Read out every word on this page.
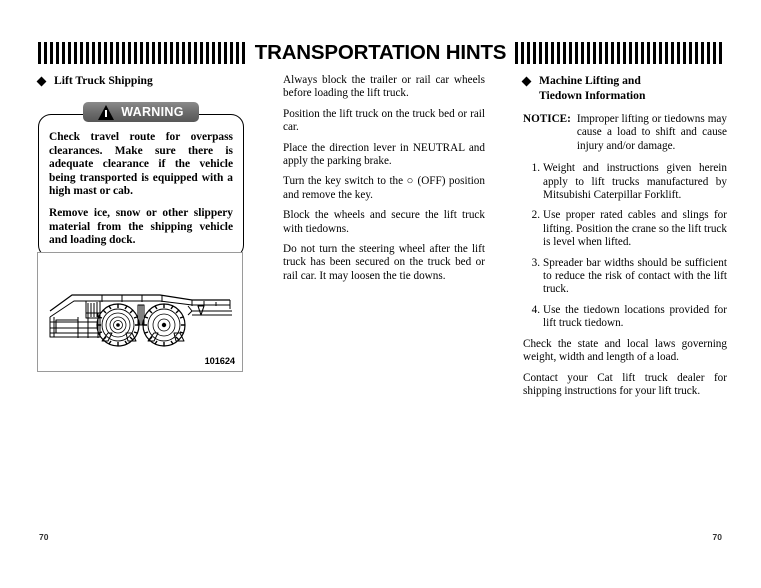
TRANSPORTATION HINTS
Lift Truck Shipping
WARNING

Check travel route for overpass clearances. Make sure there is adequate clearance if the vehicle being transported is equipped with a high mast or cab.

Remove ice, snow or other slippery material from the shipping vehicle and loading dock.

101624

Always block the trailer or rail car wheels before loading the lift truck.

Position the lift truck on the truck bed or rail car.

Place the direction lever in NEUTRAL and apply the parking brake.

Turn the key switch to the ○ (OFF) position and remove the key.

Block the wheels and secure the lift truck with tiedowns.

Do not turn the steering wheel after the lift truck has been secured on the truck bed or rail car. It may loosen the tie downs.

Machine Lifting and
Tiedown Information
NOTICE: Improper lifting or tiedowns may cause a load to shift and cause injury and/or damage.
Weight and instructions given herein apply to lift trucks manufactured by Mitsubishi Caterpillar Forklift.
Use proper rated cables and slings for lifting. Position the crane so the lift truck is level when lifted.
Spreader bar widths should be sufficient to reduce the risk of contact with the lift truck.
Use the tiedown locations provided for lift truck tiedown.

Check the state and local laws governing weight, width and length of a load.

Contact your Cat lift truck dealer for shipping instructions for your lift truck.

70	70
